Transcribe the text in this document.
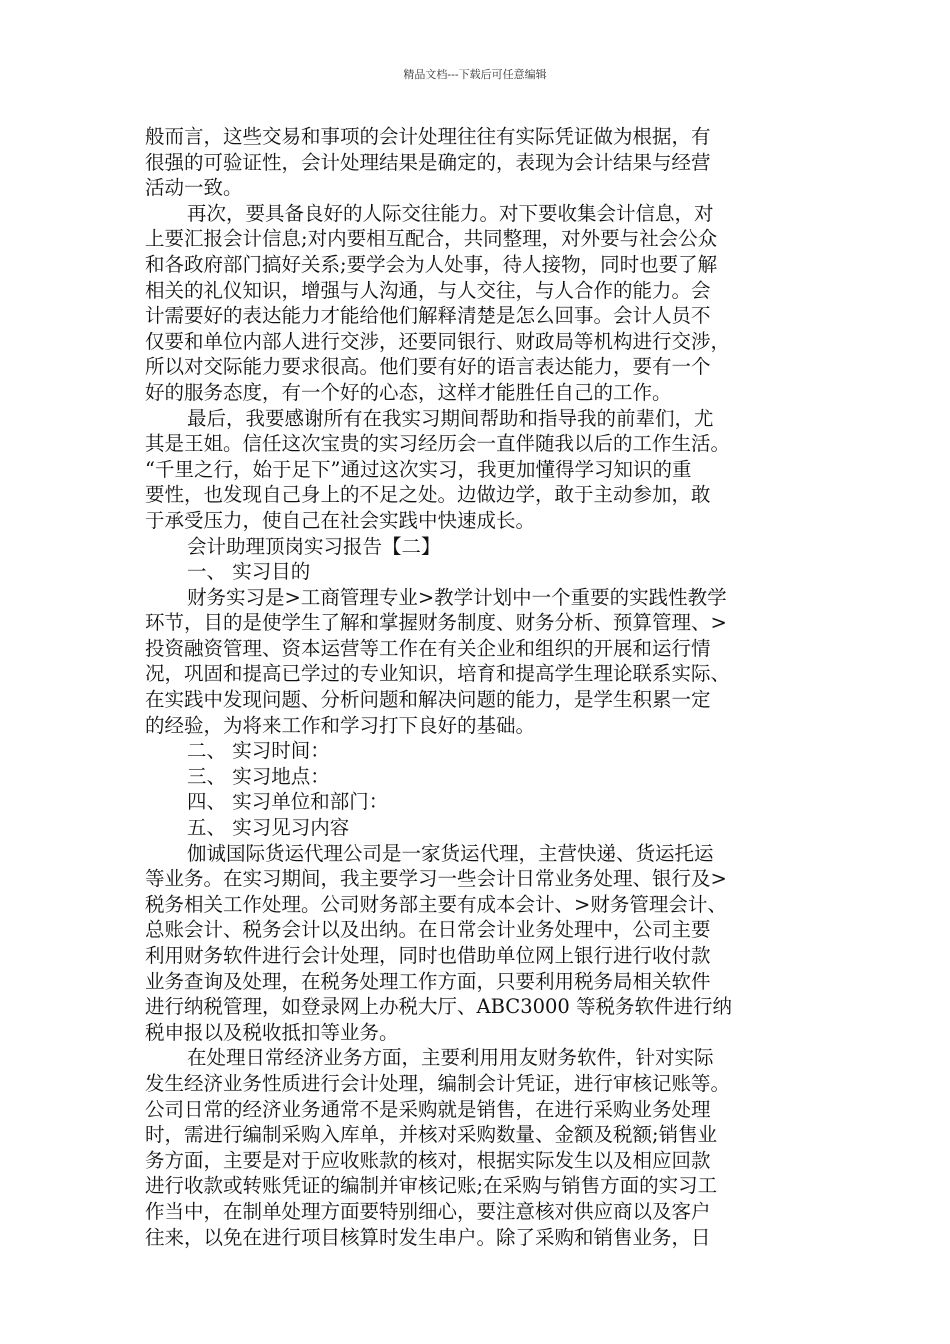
精品文档---下载后可任意编辑

般而言，这些交易和事项的会计处理往往有实际凭证做为根据，有
很强的可验证性，会计处理结果是确定的，表现为会计结果与经营
活动一致。

再次，要具备良好的人际交往能力。对下要收集会计信息，对
上要汇报会计信息;对内要相互配合，共同整理，对外要与社会公众
和各政府部门搞好关系;要学会为人处事，待人接物，同时也要了解
相关的礼仪知识，增强与人沟通，与人交往，与人合作的能力。会
计需要好的表达能力才能给他们解释清楚是怎么回事。会计人员不
仅要和单位内部人进行交涉，还要同银行、财政局等机构进行交涉，
所以对交际能力要求很高。他们要有好的语言表达能力，要有一个
好的服务态度，有一个好的心态，这样才能胜任自己的工作。

最后，我要感谢所有在我实习期间帮助和指导我的前辈们，尤
其是王姐。信任这次宝贵的实习经历会一直伴随我以后的工作生活。
“千里之行，始于足下”通过这次实习，我更加懂得学习知识的重
要性，也发现自己身上的不足之处。边做边学，敢于主动参加，敢
于承受压力，使自己在社会实践中快速成长。

会计助理顶岗实习报告【二】

一、 实习目的

财务实习是>工商管理专业>教学计划中一个重要的实践性教学
环节，目的是使学生了解和掌握财务制度、财务分析、预算管理、>
投资融资管理、资本运营等工作在有关企业和组织的开展和运行情
况，巩固和提高已学过的专业知识，培育和提高学生理论联系实际、
在实践中发现问题、分析问题和解决问题的能力，是学生积累一定
的经验，为将来工作和学习打下良好的基础。

二、 实习时间：

三、 实习地点：

四、 实习单位和部门：

五、 实习见习内容

伽诚国际货运代理公司是一家货运代理，主营快递、货运托运
等业务。在实习期间，我主要学习一些会计日常业务处理、银行及>
税务相关工作处理。公司财务部主要有成本会计、>财务管理会计、
总账会计、税务会计以及出纳。在日常会计业务处理中，公司主要
利用财务软件进行会计处理，同时也借助单位网上银行进行收付款
业务查询及处理，在税务处理工作方面，只要利用税务局相关软件
进行纳税管理，如登录网上办税大厅、ABC3000 等税务软件进行纳
税申报以及税收抵扣等业务。

在处理日常经济业务方面，主要利用用友财务软件，针对实际
发生经济业务性质进行会计处理，编制会计凭证，进行审核记账等。
公司日常的经济业务通常不是采购就是销售，在进行采购业务处理
时，需进行编制采购入库单，并核对采购数量、金额及税额;销售业
务方面，主要是对于应收账款的核对，根据实际发生以及相应回款
进行收款或转账凭证的编制并审核记账;在采购与销售方面的实习工
作当中，在制单处理方面要特别细心，要注意核对供应商以及客户
往来，以免在进行项目核算时发生串户。除了采购和销售业务，日
